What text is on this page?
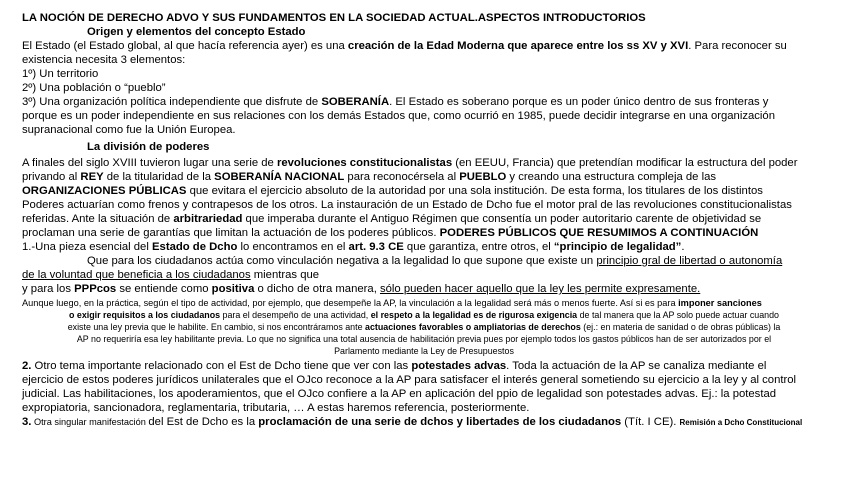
LA NOCIÓN DE DERECHO ADVO Y SUS FUNDAMENTOS EN LA SOCIEDAD ACTUAL.ASPECTOS INTRODUCTORIOS
Origen y elementos del concepto Estado
El Estado (el Estado global, al que hacía referencia ayer) es una creación de la Edad Moderna que aparece entre los ss XV y XVI. Para reconocer su
existencia necesita 3 elementos:
1º) Un territorio
2º) Una población o “pueblo”
3º) Una organización política independiente que disfrute de SOBERANÍA. El Estado es soberano porque es un poder único dentro de sus fronteras y
porque es un poder independiente en sus relaciones con los demás Estados que, como ocurrió en 1985, puede decidir integrarse en una organización
supranacional como fue la Unión Europea.
La división de poderes
A finales del siglo XVIII tuvieron lugar una serie de revoluciones constitucionalistas (en EEUU, Francia) que pretendían modificar la estructura del poder
privando al REY de la titularidad de la SOBERANÍA NACIONAL para reconocérsela al PUEBLO y creando una estructura compleja de las
ORGANIZACIONES PÚBLICAS que evitara el ejercicio absoluto de la autoridad por una sola institución. De esta forma, los titulares de los distintos
Poderes actuarían como frenos y contrapesos de los otros. La instauración de un Estado de Dcho fue el motor pral de las revoluciones constitucionalistas
referidas. Ante la situación de arbitrariedad que imperaba durante el Antiguo Régimen que consentía un poder autoritario carente de objetividad se
proclaman una serie de garantías que limitan la actuación de los poderes públicos. PODERES PÚBLICOS QUE RESUMIMOS A CONTINUACIÓN
1.-Una pieza esencial del Estado de Dcho lo encontramos en el art. 9.3 CE que garantiza, entre otros, el “principio de legalidad”.
Que para los ciudadanos actúa como vinculación negativa a la legalidad lo que supone que existe un principio gral de libertad o autonomía
de la voluntad que beneficia a los ciudadanos mientras que
y para los PPPcos se entiende como positiva o dicho de otra manera, sólo pueden hacer aquello que la ley les permite expresamente.
Aunque luego, en la práctica, según el tipo de actividad, por ejemplo, que desempeñe la AP, la vinculación a la legalidad será más o menos fuerte. Así si es para imponer sanciones
o exigir requisitos a los ciudadanos para el desempeño de una actividad, el respeto a la legalidad es de rigurosa exigencia de tal manera que la AP solo puede actuar cuando
existe una ley previa que le habilite. En cambio, si nos encontráramos ante actuaciones favorables o ampliatorias de derechos (ej.: en materia de sanidad o de obras públicas) la
AP no requeriría esa ley habilitante previa. Lo que no significa una total ausencia de habilitación previa pues por ejemplo todos los gastos públicos han de ser autorizados por el
Parlamento mediante la Ley de Presupuestos
2. Otro tema importante relacionado con el Est de Dcho tiene que ver con las potestades advas. Toda la actuación de la AP se canaliza mediante el
ejercicio de estos poderes jurídicos unilaterales que el OJco reconoce a la AP para satisfacer el interés general sometiendo su ejercicio a la ley y al control
judicial. Las habilitaciones, los apoderamientos, que el OJco confiere a la AP en aplicación del ppio de legalidad son potestades advas. Ej.: la potestad
expropiatoria, sancionadora, reglamentaria, tributaria, … A estas haremos referencia, posteriormente.
3. Otra singular manifestación del Est de Dcho es la proclamación de una serie de dchos y libertades de los ciudadanos (Tít. I CE). Remisión a Dcho Constitucional
